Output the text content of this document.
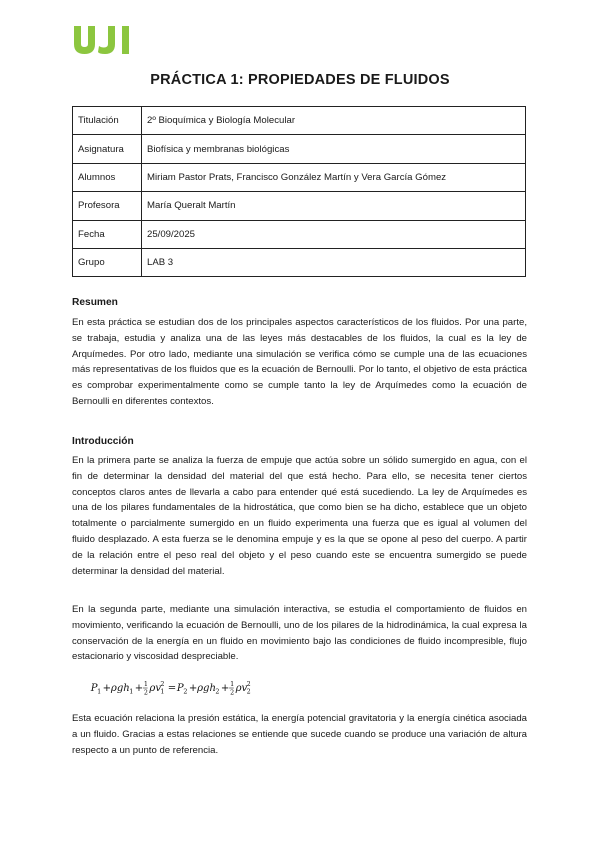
PRÁCTICA 1: PROPIEDADES DE FLUIDOS
Titulación	2º Bioquímica y Biología Molecular
Asignatura	Biofísica y membranas biológicas
Alumnos	Miriam Pastor Prats, Francisco González Martín y Vera García Gómez
Profesora	María Queralt Martín
Fecha	25/09/2025
Grupo	LAB 3
Resumen

En esta práctica se estudian dos de los principales aspectos característicos de los fluidos. Por una parte, se trabaja, estudia y analiza una de las leyes más destacables de los fluidos, la cual es la ley de Arquímedes. Por otro lado, mediante una simulación se verifica cómo se cumple una de las ecuaciones más representativas de los fluidos que es la ecuación de Bernoulli. Por lo tanto, el objetivo de esta práctica es comprobar experimentalmente como se cumple tanto la ley de Arquímedes como la ecuación de Bernoulli en diferentes contextos.

Introducción

En la primera parte se analiza la fuerza de empuje que actúa sobre un sólido sumergido en agua, con el fin de determinar la densidad del material del que está hecho. Para ello, se necesita tener ciertos conceptos claros antes de llevarla a cabo para entender qué está sucediendo. La ley de Arquímedes es una de los pilares fundamentales de la hidrostática, que como bien se ha dicho, establece que un objeto totalmente o parcialmente sumergido en un fluido experimenta una fuerza que es igual al volumen del fluido desplazado. A esta fuerza se le denomina empuje y es la que se opone al peso del cuerpo. A partir de la relación entre el peso real del objeto y el peso cuando este se encuentra sumergido se puede determinar la densidad del material.

En la segunda parte, mediante una simulación interactiva, se estudia el comportamiento de fluidos en movimiento, verificando la ecuación de Bernoulli, uno de los pilares de la hidrodinámica, la cual expresa la conservación de la energía en un fluido en movimiento bajo las condiciones de fluido incompresible, flujo estacionario y viscosidad despreciable.

P 1 + ρgh 1 + 1
2 ρv 1
2 = P 2 + ρgh 2 + 1
2 ρv 2
2

Esta ecuación relaciona la presión estática, la energía potencial gravitatoria y la energía cinética asociada a un fluido. Gracias a estas relaciones se entiende que sucede cuando se produce una variación de altura respecto a un punto de referencia.
